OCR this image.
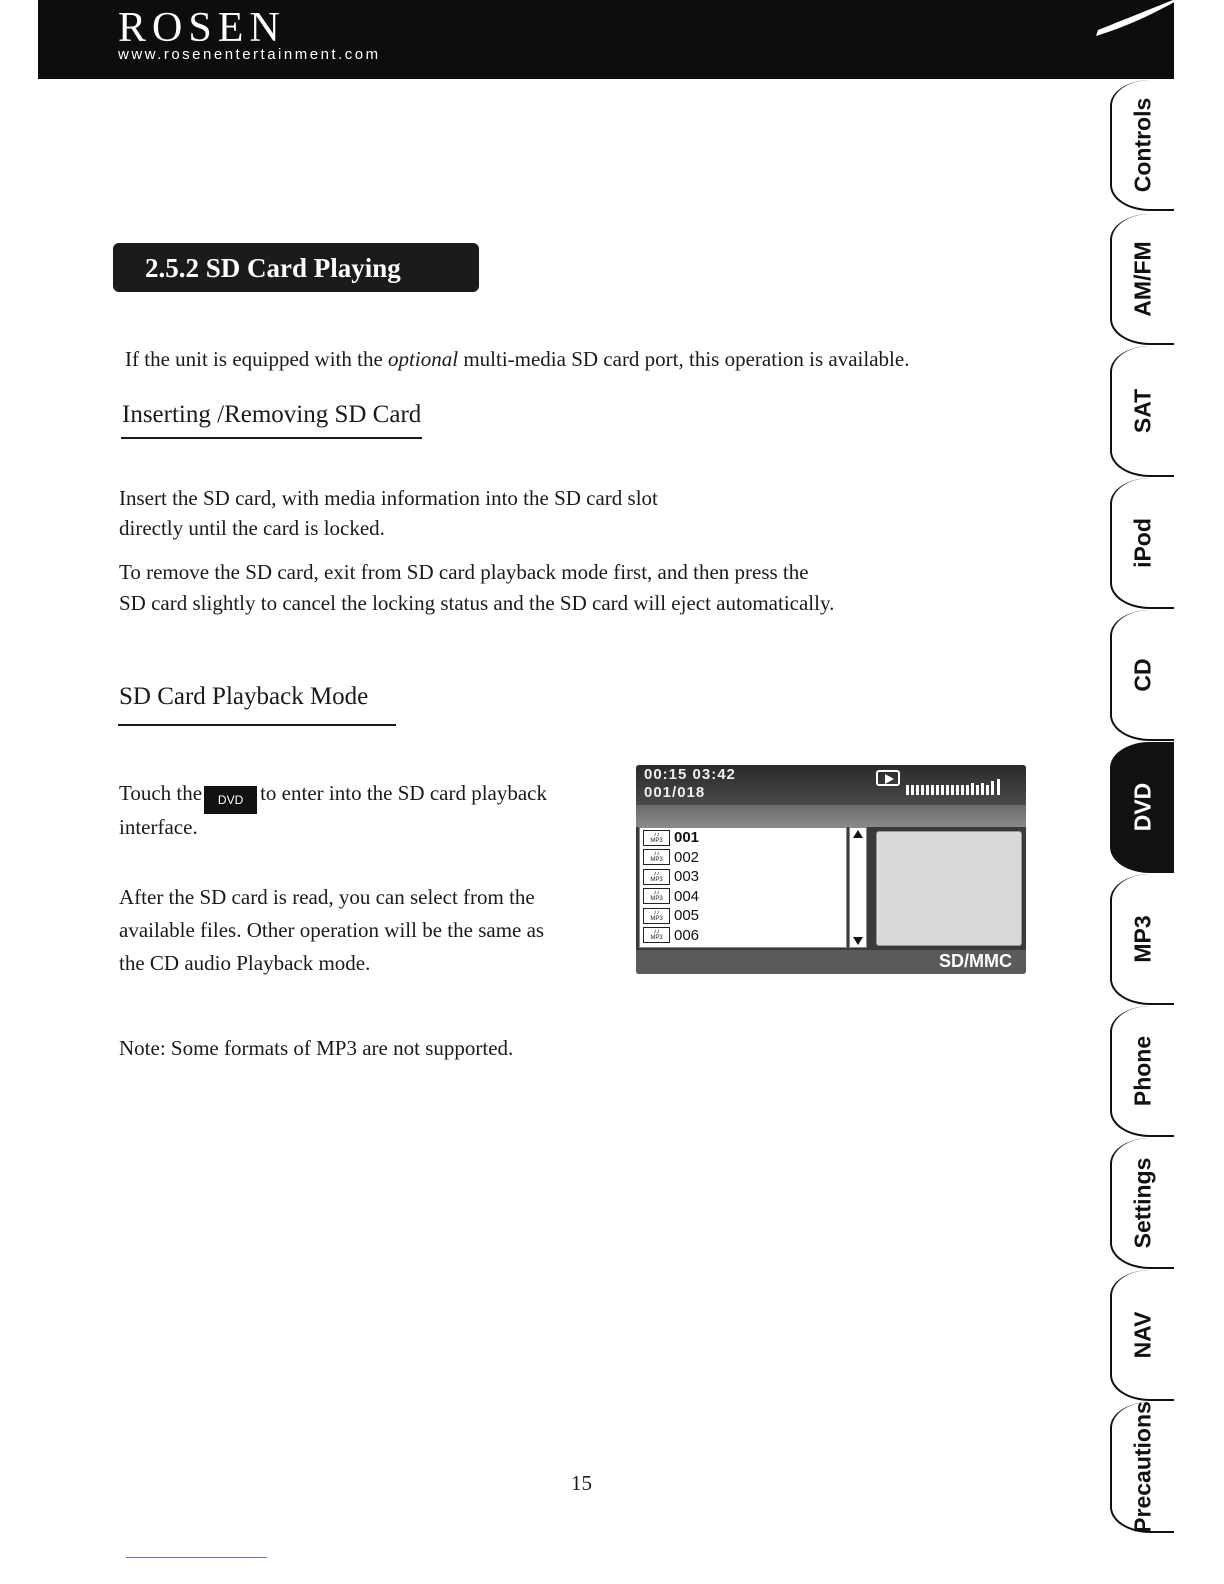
ROSEN
www.rosenentertainment.com
2.5.2 SD Card Playing

If the unit is equipped with the optional multi-media SD card port, this operation is available.

Inserting /Removing SD Card

Insert the SD card, with media information into the SD card slot

directly until the card is locked.

To remove the SD card, exit from SD card playback mode first, and then press the

SD card slightly to cancel the locking status and the SD card will eject automatically.

SD Card Playback Mode

Touch the DVD to enter into the SD card playback

interface.

After the SD card is read, you can select from the

available files. Other operation will be the same as

the CD audio Playback mode.

Note: Some formats of MP3 are not supported.

00:15 03:42
001/018
♪♪
MP3 001
♪♪
MP3 002
♪♪
MP3 003
♪♪
MP3 004
♪♪
MP3 005
♪♪
MP3 006
SD/MMC
Controls
AM/FM
SAT
iPod
CD
DVD
MP3
Phone
Settings
NAV
Precautions
15
